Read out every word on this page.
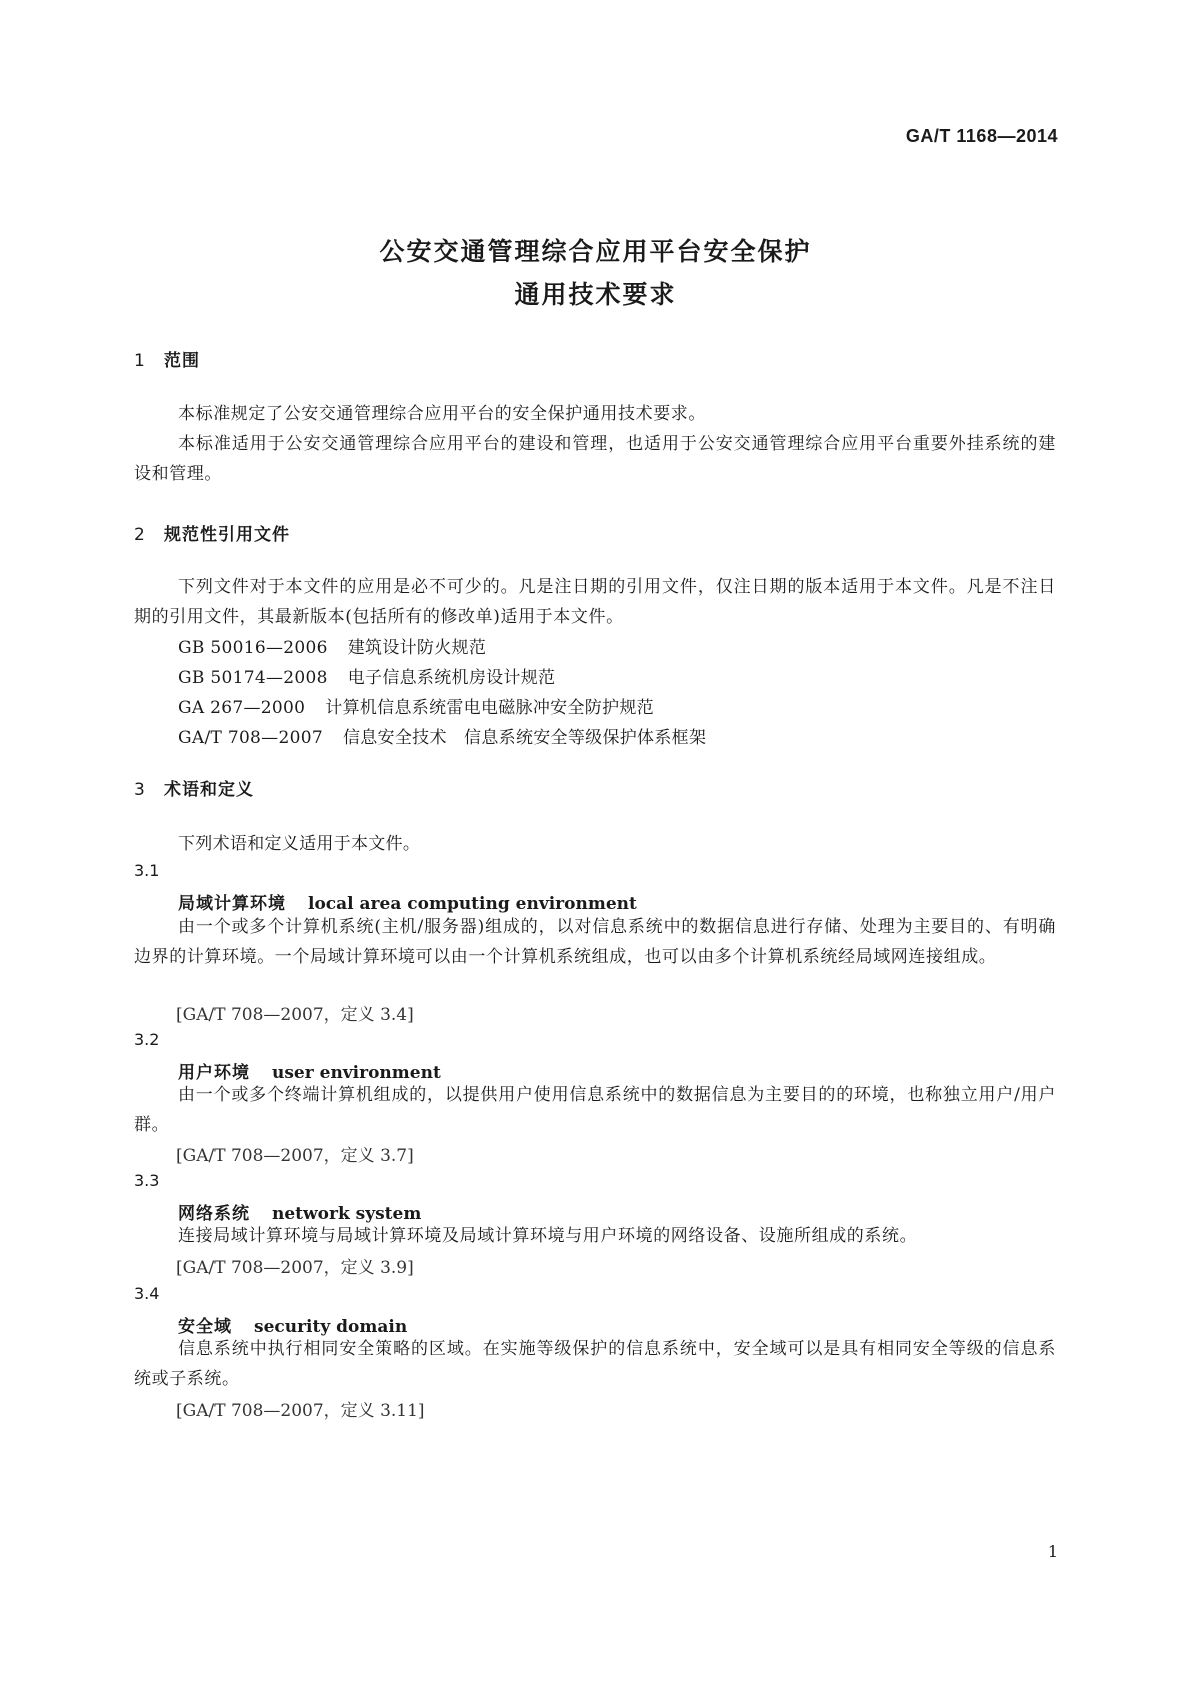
GA/T 1168—2014
公安交通管理综合应用平台安全保护
通用技术要求
1 范围
本标准规定了公安交通管理综合应用平台的安全保护通用技术要求。
本标准适用于公安交通管理综合应用平台的建设和管理，也适用于公安交通管理综合应用平台重要外挂系统的建设和管理。
2 规范性引用文件
下列文件对于本文件的应用是必不可少的。凡是注日期的引用文件，仅注日期的版本适用于本文件。凡是不注日期的引用文件，其最新版本(包括所有的修改单)适用于本文件。
GB 50016—2006 建筑设计防火规范
GB 50174—2008 电子信息系统机房设计规范
GA 267—2000 计算机信息系统雷电电磁脉冲安全防护规范
GA/T 708—2007 信息安全技术　信息系统安全等级保护体系框架
3 术语和定义
下列术语和定义适用于本文件。
3.1
局域计算环境 local area computing environment
由一个或多个计算机系统(主机/服务器)组成的，以对信息系统中的数据信息进行存储、处理为主要目的、有明确边界的计算环境。一个局域计算环境可以由一个计算机系统组成，也可以由多个计算机系统经局域网连接组成。
[GA/T 708—2007，定义 3.4]
3.2
用户环境 user environment
由一个或多个终端计算机组成的，以提供用户使用信息系统中的数据信息为主要目的的环境，也称独立用户/用户群。
[GA/T 708—2007，定义 3.7]
3.3
网络系统 network system
连接局域计算环境与局域计算环境及局域计算环境与用户环境的网络设备、设施所组成的系统。
[GA/T 708—2007，定义 3.9]
3.4
安全域 security domain
信息系统中执行相同安全策略的区域。在实施等级保护的信息系统中，安全域可以是具有相同安全等级的信息系统或子系统。
[GA/T 708—2007，定义 3.11]
1
